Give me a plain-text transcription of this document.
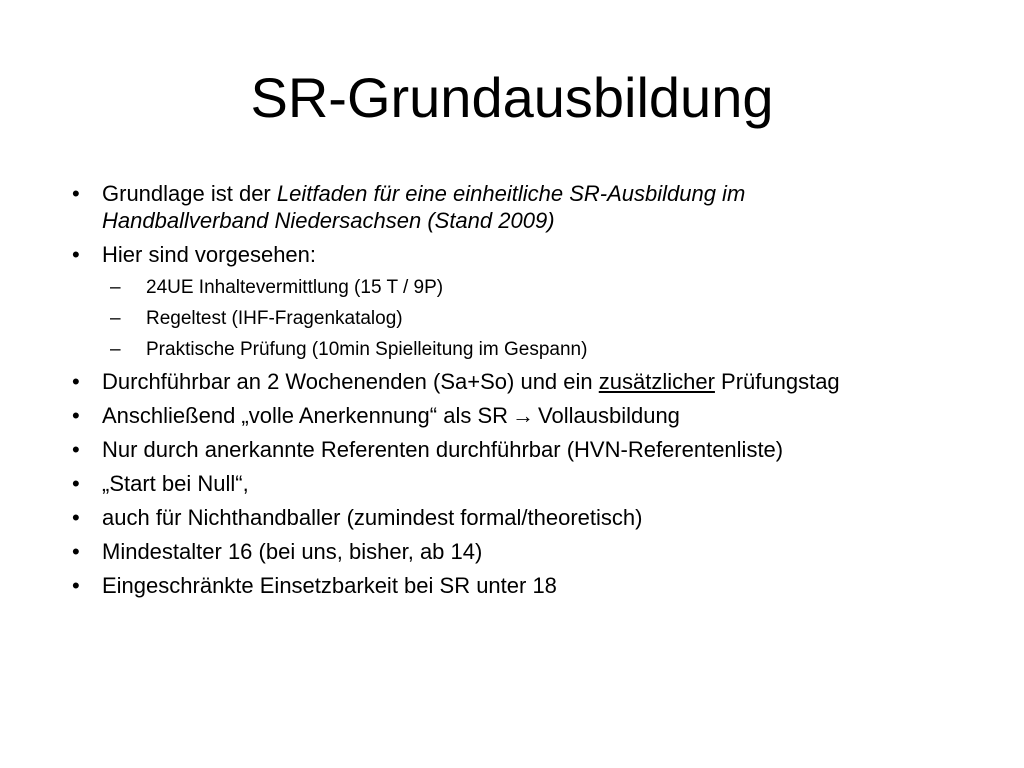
SR-Grundausbildung
•	Grundlage ist der Leitfaden für eine einheitliche SR-Ausbildung im
Handballverband Niedersachsen (Stand 2009)
•	Hier sind vorgesehen:
– 24UE Inhaltevermittlung (15 T / 9P)
– Regeltest (IHF-Fragenkatalog)
– Praktische Prüfung (10min Spielleitung im Gespann)
•	Durchführbar an 2 Wochenenden (Sa+So) und ein zusätzlicher Prüfungstag
•	Anschließend „volle Anerkennung“ als SR → Vollausbildung
•	Nur durch anerkannte Referenten durchführbar (HVN-Referentenliste)
•	„Start bei Null“,
•	auch für Nichthandballer (zumindest formal/theoretisch)
•	Mindestalter 16 (bei uns, bisher, ab 14)
•	Eingeschränkte Einsetzbarkeit bei SR unter 18
